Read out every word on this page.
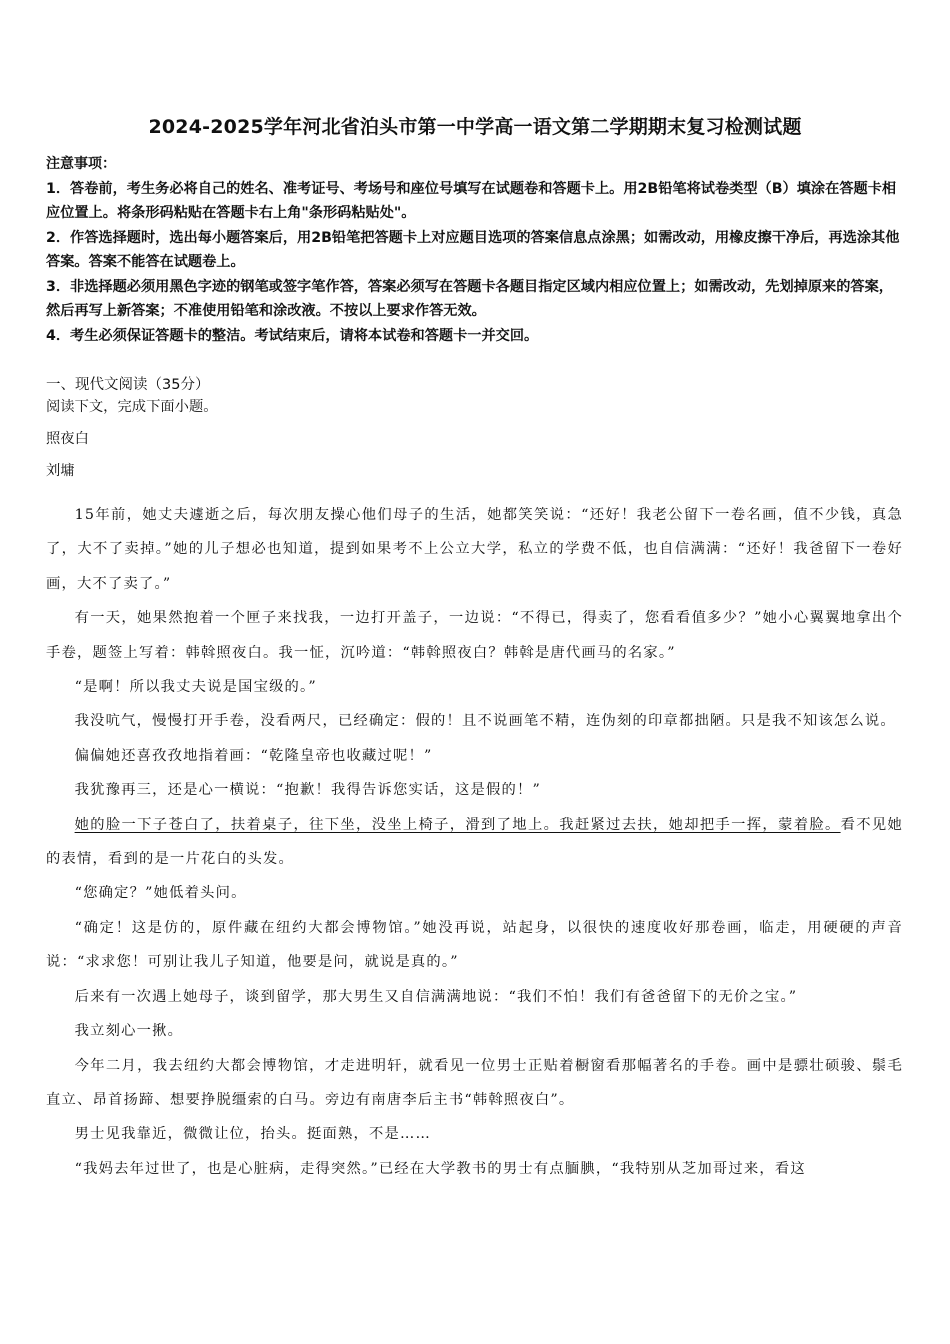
2024-2025学年河北省泊头市第一中学高一语文第二学期期末复习检测试题

注意事项：

1．答卷前，考生务必将自己的姓名、准考证号、考场号和座位号填写在试题卷和答题卡上。用2B铅笔将试卷类型（B）填涂在答题卡相应位置上。将条形码粘贴在答题卡右上角"条形码粘贴处"。

2．作答选择题时，选出每小题答案后，用2B铅笔把答题卡上对应题目选项的答案信息点涂黑；如需改动，用橡皮擦干净后，再选涂其他答案。答案不能答在试题卷上。

3．非选择题必须用黑色字迹的钢笔或签字笔作答，答案必须写在答题卡各题目指定区域内相应位置上；如需改动，先划掉原来的答案，然后再写上新答案；不准使用铅笔和涂改液。不按以上要求作答无效。

4．考生必须保证答题卡的整洁。考试结束后，请将本试卷和答题卡一并交回。

一、现代文阅读（35分）

阅读下文，完成下面小题。

照夜白

刘墉

15年前，她丈夫遽逝之后，每次朋友操心他们母子的生活，她都笑笑说：“还好！我老公留下一卷名画，值不少钱，真急了，大不了卖掉。”她的儿子想必也知道，提到如果考不上公立大学，私立的学费不低，也自信满满：“还好！我爸留下一卷好画，大不了卖了。”

有一天，她果然抱着一个匣子来找我，一边打开盖子，一边说：“不得已，得卖了，您看看值多少？”她小心翼翼地拿出个手卷，题签上写着：韩斡照夜白。我一怔，沉吟道：“韩斡照夜白？韩斡是唐代画马的名家。”

“是啊！所以我丈夫说是国宝级的。”

我没吭气，慢慢打开手卷，没看两尺，已经确定：假的！且不说画笔不精，连伪刻的印章都拙陋。只是我不知该怎么说。

偏偏她还喜孜孜地指着画：“乾隆皇帝也收藏过呢！”

我犹豫再三，还是心一横说：“抱歉！我得告诉您实话，这是假的！”

她的脸一下子苍白了，扶着桌子，往下坐，没坐上椅子，滑到了地上。我赶紧过去扶，她却把手一挥，蒙着脸。看不见她的表情，看到的是一片花白的头发。

“您确定？”她低着头问。

“确定！这是仿的，原件藏在纽约大都会博物馆。”她没再说，站起身，以很快的速度收好那卷画，临走，用硬硬的声音说：“求求您！可别让我儿子知道，他要是问，就说是真的。”

后来有一次遇上她母子，谈到留学，那大男生又自信满满地说：“我们不怕！我们有爸爸留下的无价之宝。”

我立刻心一揪。

今年二月，我去纽约大都会博物馆，才走进明轩，就看见一位男士正贴着橱窗看那幅著名的手卷。画中是骠壮硕骏、鬃毛直立、昂首扬蹄、想要挣脱缰索的白马。旁边有南唐李后主书“韩斡照夜白”。

男士见我靠近，微微让位，抬头。挺面熟，不是……

“我妈去年过世了，也是心脏病，走得突然。”已经在大学教书的男士有点腼腆，“我特别从芝加哥过来，看这
